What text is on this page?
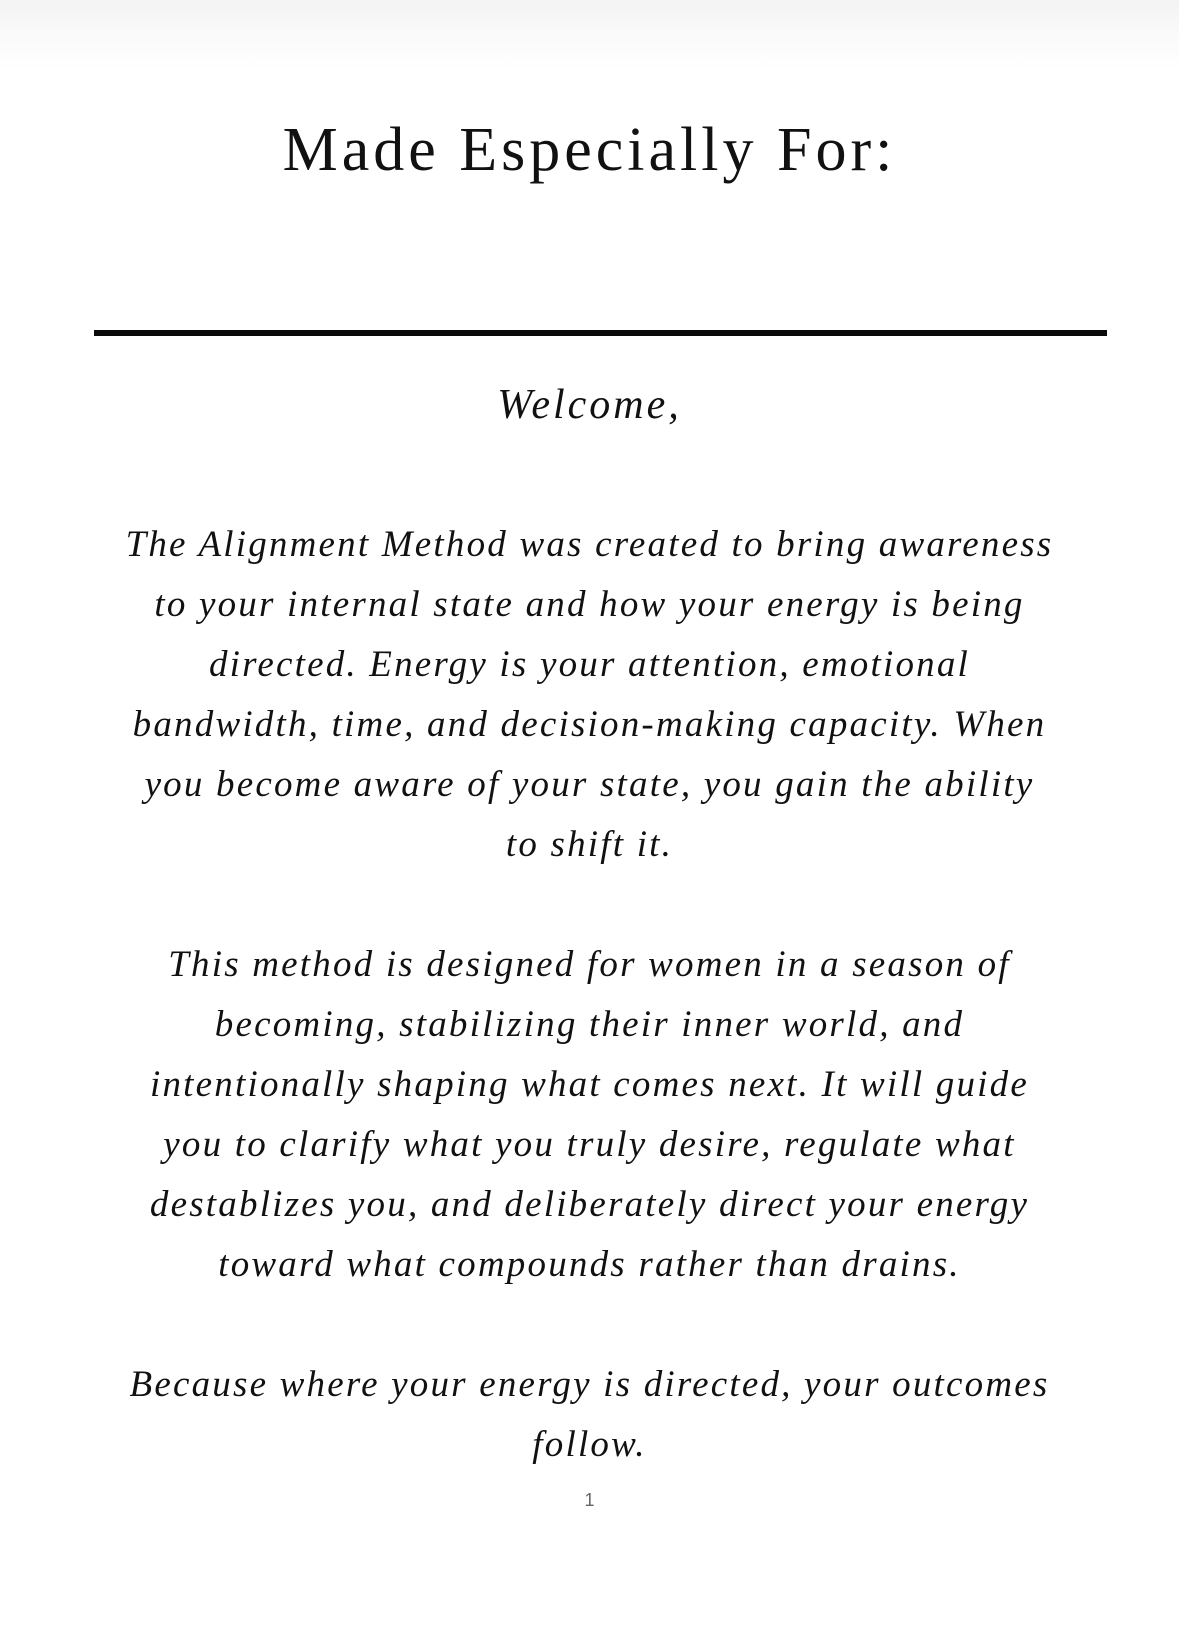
Made Especially For:
Welcome,

The Alignment Method was created to bring awareness
to your internal state and how your energy is being
directed. Energy is your attention, emotional
bandwidth, time, and decision-making capacity. When
you become aware of your state, you gain the ability
to shift it.

This method is designed for women in a season of
becoming, stabilizing their inner world, and
intentionally shaping what comes next. It will guide
you to clarify what you truly desire, regulate what
destablizes you, and deliberately direct your energy
toward what compounds rather than drains.

Because where your energy is directed, your outcomes
follow.

1
